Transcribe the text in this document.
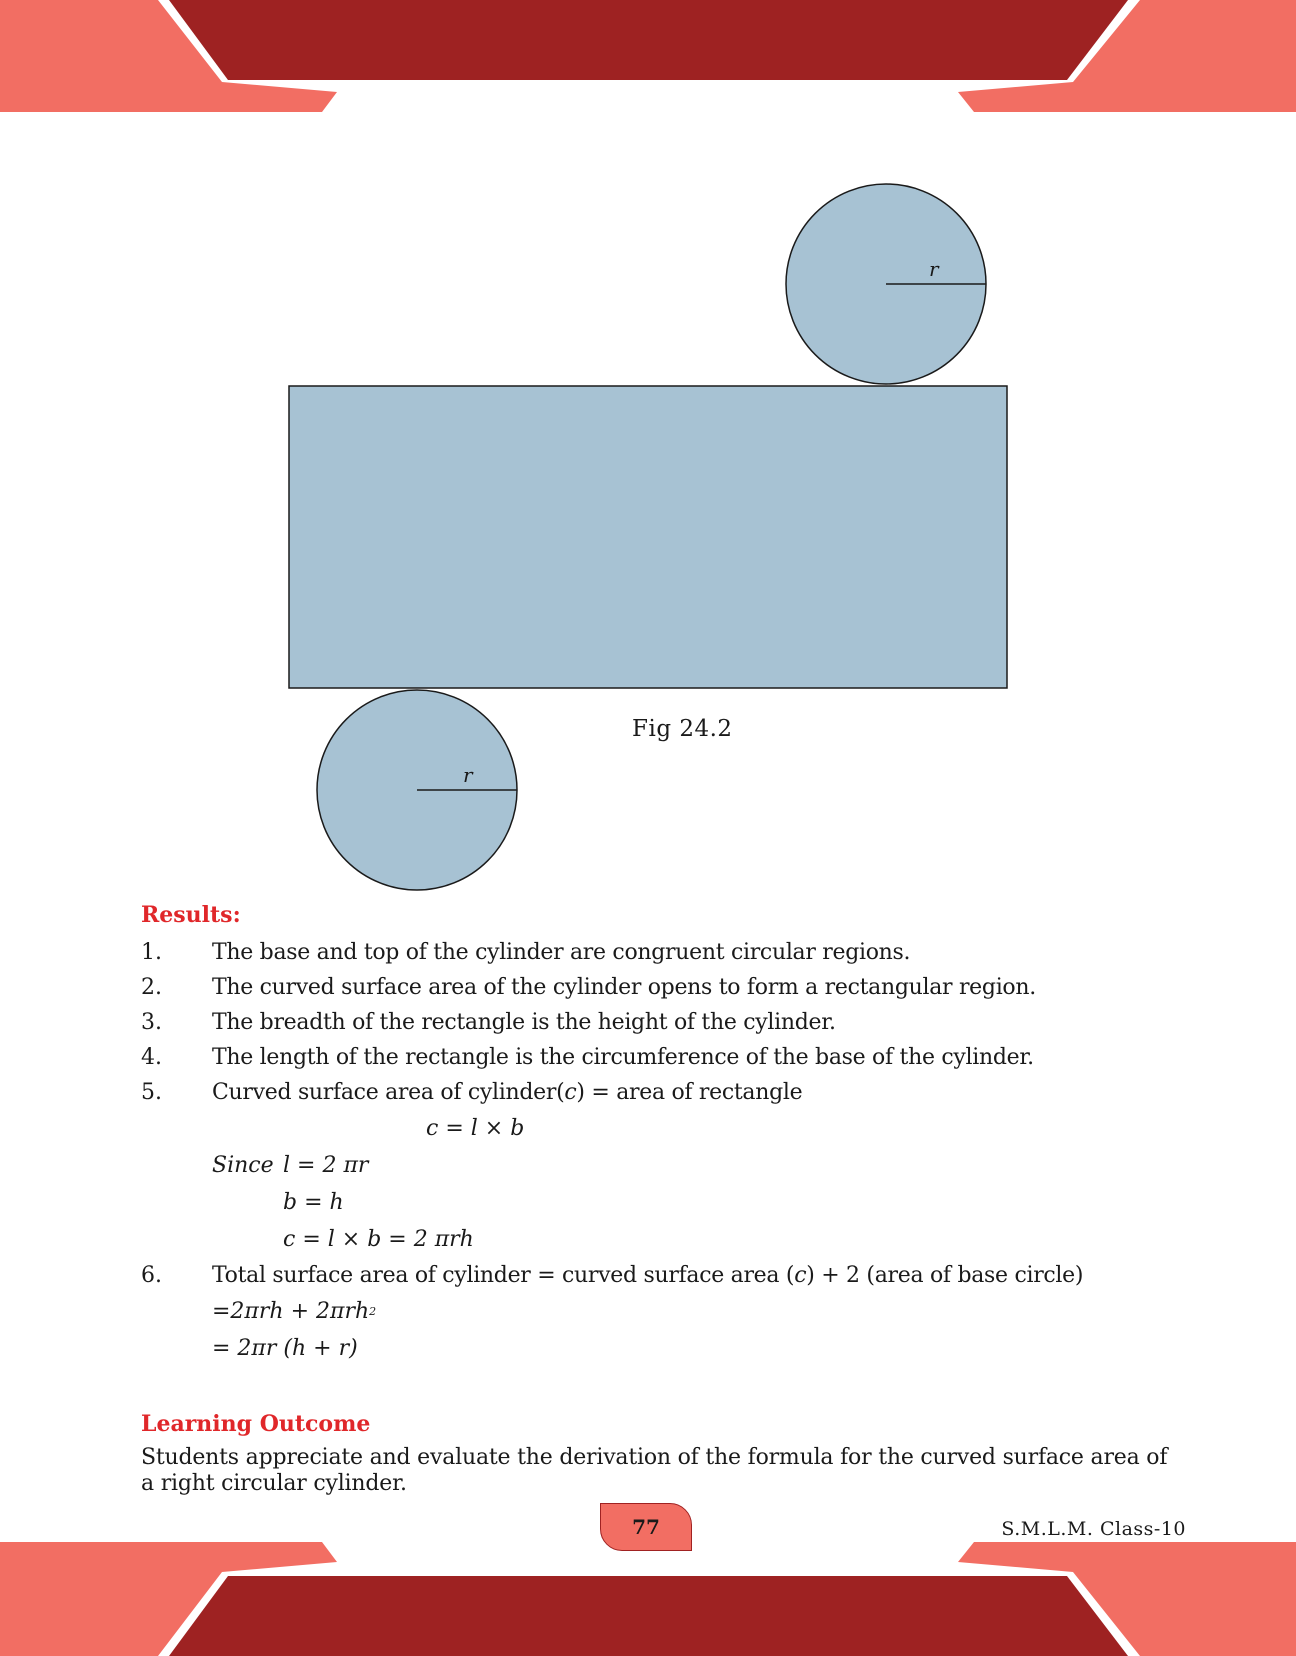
r
r
Fig 24.2
Results:
1.	The base and top of the cylinder are congruent circular regions.
2.	The curved surface area of the cylinder opens to form a rectangular region.
3.	The breadth of the rectangle is the height of the cylinder.
4.	The length of the rectangle is the circumference of the base of the cylinder.
5.	Curved surface area of cylinder(c) = area of rectangle
c = l × b
Since l = 2 πr
b = h
c = l × b = 2 πrh
6.	Total surface area of cylinder = curved surface area (c) + 2 (area of base circle)
=2πrh + 2πrh 2
= 2πr (h + r)
Learning Outcome
Students appreciate and evaluate the derivation of the formula for the curved surface area of a right circular cylinder.
77	S.M.L.M. Class-10
